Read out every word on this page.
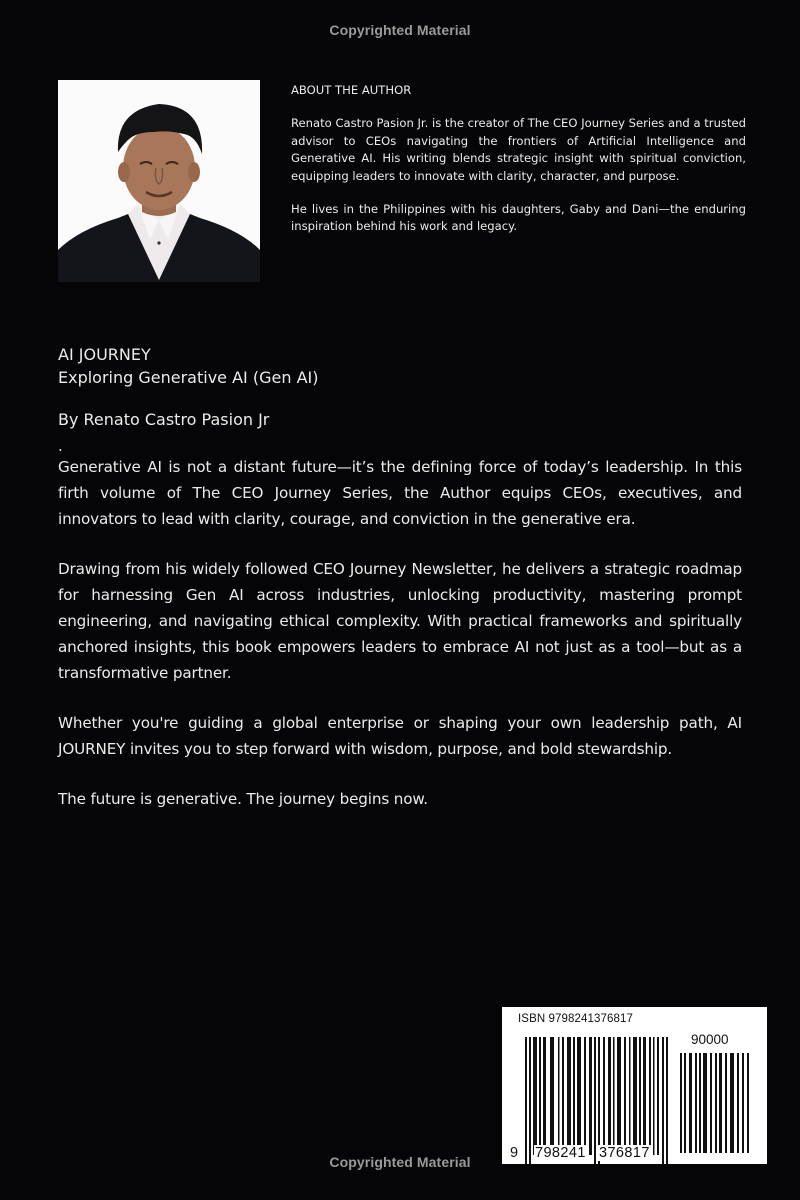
Copyrighted Material
ABOUT THE AUTHOR

Renato Castro Pasion Jr. is the creator of The CEO Journey Series and a trusted advisor to CEOs navigating the frontiers of Artificial Intelligence and Generative AI. His writing blends strategic insight with spiritual conviction, equipping leaders to innovate with clarity, character, and purpose.

He lives in the Philippines with his daughters, Gaby and Dani—the enduring inspiration behind his work and legacy.

AI JOURNEY
Exploring Generative AI (Gen AI)
By Renato Castro Pasion Jr
.

Generative AI is not a distant future—it’s the defining force of today’s leadership. In this firth volume of The CEO Journey Series, the Author equips CEOs, executives, and innovators to lead with clarity, courage, and conviction in the generative era.

Drawing from his widely followed CEO Journey Newsletter, he delivers a strategic roadmap for harnessing Gen AI across industries, unlocking productivity, mastering prompt engineering, and navigating ethical complexity. With practical frameworks and spiritually anchored insights, this book empowers leaders to embrace AI not just as a tool—but as a transformative partner.

Whether you're guiding a global enterprise or shaping your own leadership path, AI JOURNEY invites you to step forward with wisdom, purpose, and bold stewardship.

The future is generative. The journey begins now.

ISBN 9798241376817
90000
9 798241 376817
Copyrighted Material
